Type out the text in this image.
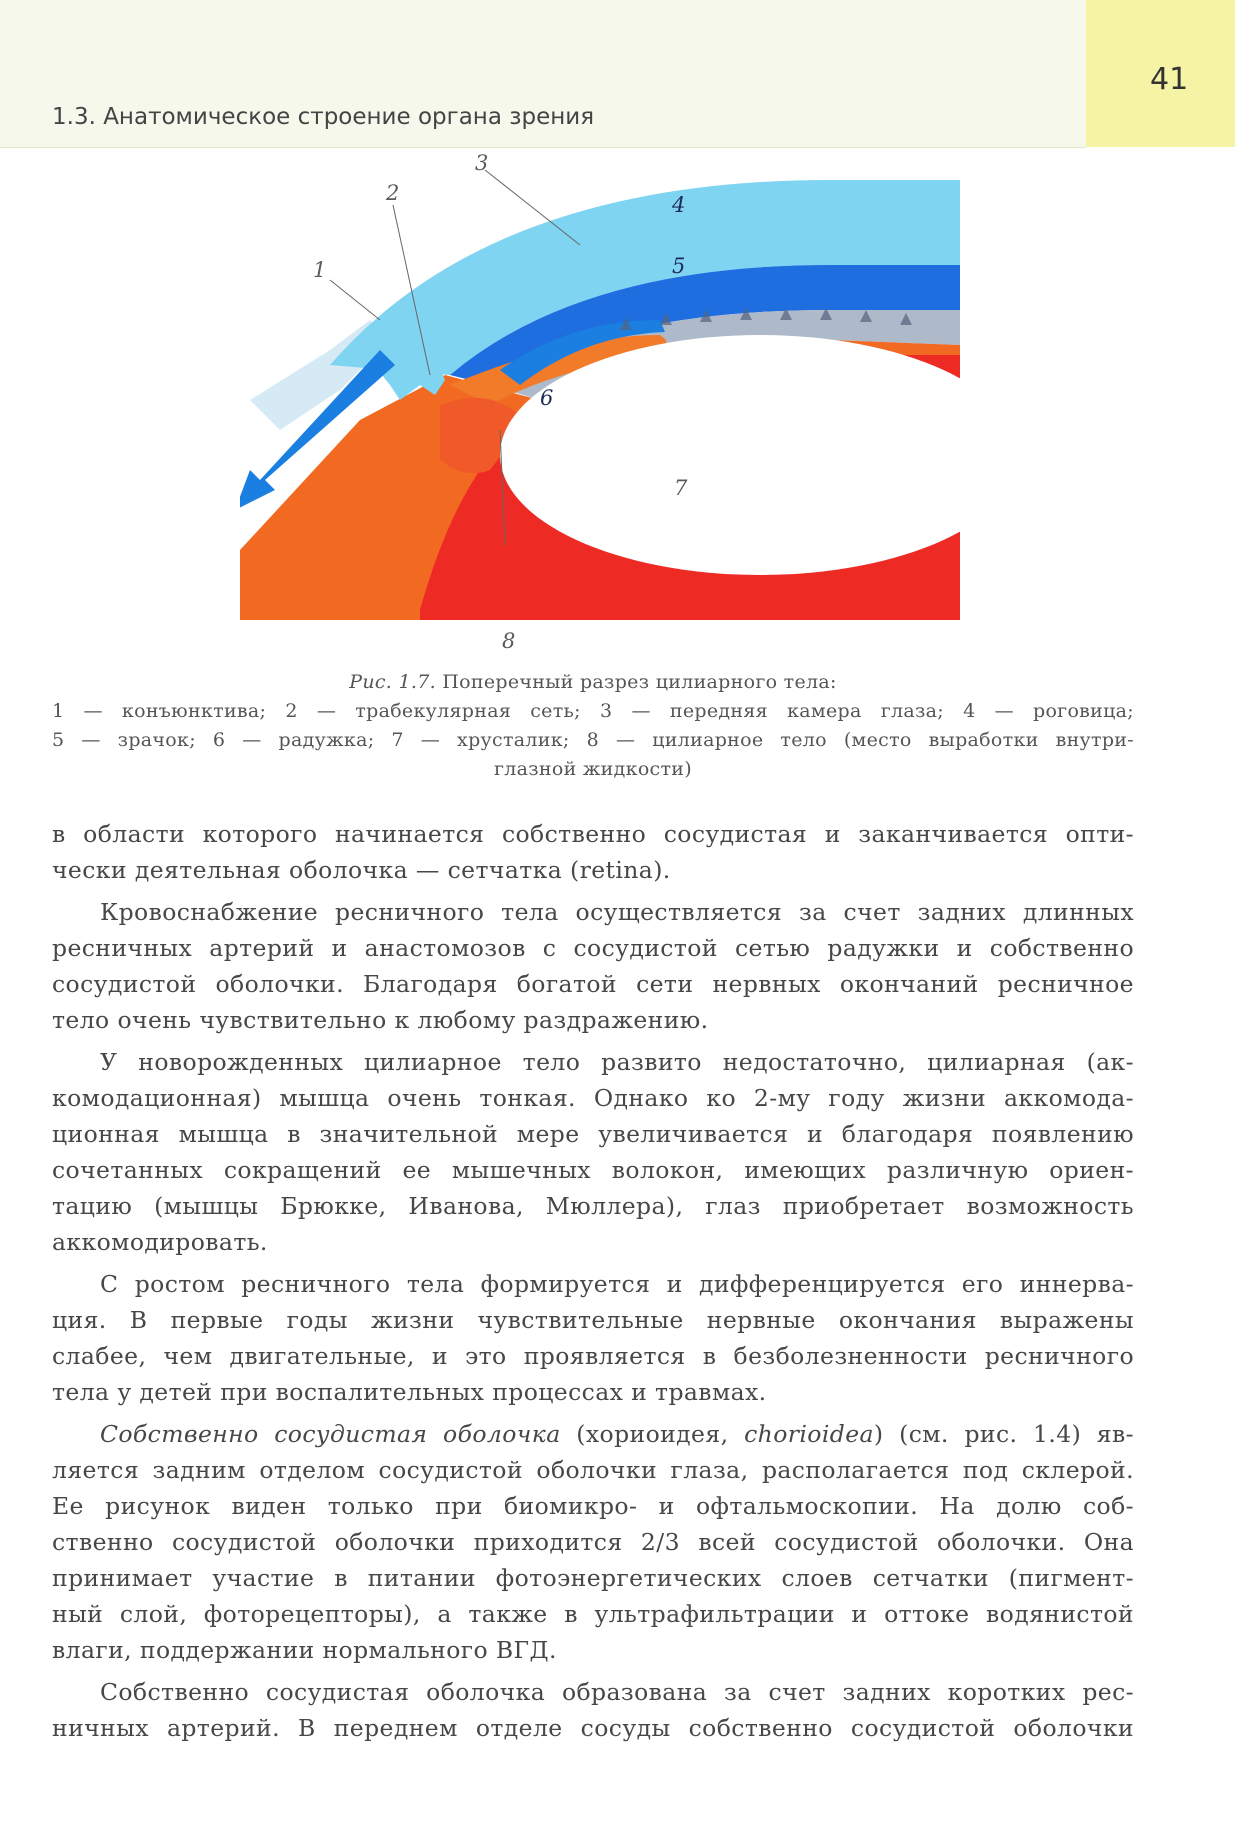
41
1.3. Анатомическое строение органа зрения
1
2
3
4
5
6
7
8
Рис. 1.7. Поперечный разрез цилиарного тела:
1 — конъюнктива; 2 — трабекулярная сеть; 3 — передняя камера глаза; 4 — роговица;
5 — зрачок; 6 — радужка; 7 — хрусталик; 8 — цилиарное тело (место выработки внутри-
глазной жидкости)
в области которого начинается собственно сосудистая и заканчивается опти-
чески деятельная оболочка — сетчатка (retina).
Кровоснабжение ресничного тела осуществляется за счет задних длинных
ресничных артерий и анастомозов с сосудистой сетью радужки и собственно
сосудистой оболочки. Благодаря богатой сети нервных окончаний ресничное
тело очень чувствительно к любому раздражению.
У новорожденных цилиарное тело развито недостаточно, цилиарная (ак-
комодационная) мышца очень тонкая. Однако ко 2-му году жизни аккомода-
ционная мышца в значительной мере увеличивается и благодаря появлению
сочетанных сокращений ее мышечных волокон, имеющих различную ориен-
тацию (мышцы Брюкке, Иванова, Мюллера), глаз приобретает возможность
аккомодировать.
С ростом ресничного тела формируется и дифференцируется его иннерва-
ция. В первые годы жизни чувствительные нервные окончания выражены
слабее, чем двигательные, и это проявляется в безболезненности ресничного
тела у детей при воспалительных процессах и травмах.
Собственно сосудистая оболочка (хориоидея, chorioidea) (см. рис. 1.4) яв-
ляется задним отделом сосудистой оболочки глаза, располагается под склерой.
Ее рисунок виден только при биомикро- и офтальмоскопии. На долю соб-
ственно сосудистой оболочки приходится 2/3 всей сосудистой оболочки. Она
принимает участие в питании фотоэнергетических слоев сетчатки (пигмент-
ный слой, фоторецепторы), а также в ультрафильтрации и оттоке водянистой
влаги, поддержании нормального ВГД.
Собственно сосудистая оболочка образована за счет задних коротких рес-
ничных артерий. В переднем отделе сосуды собственно сосудистой оболочки
